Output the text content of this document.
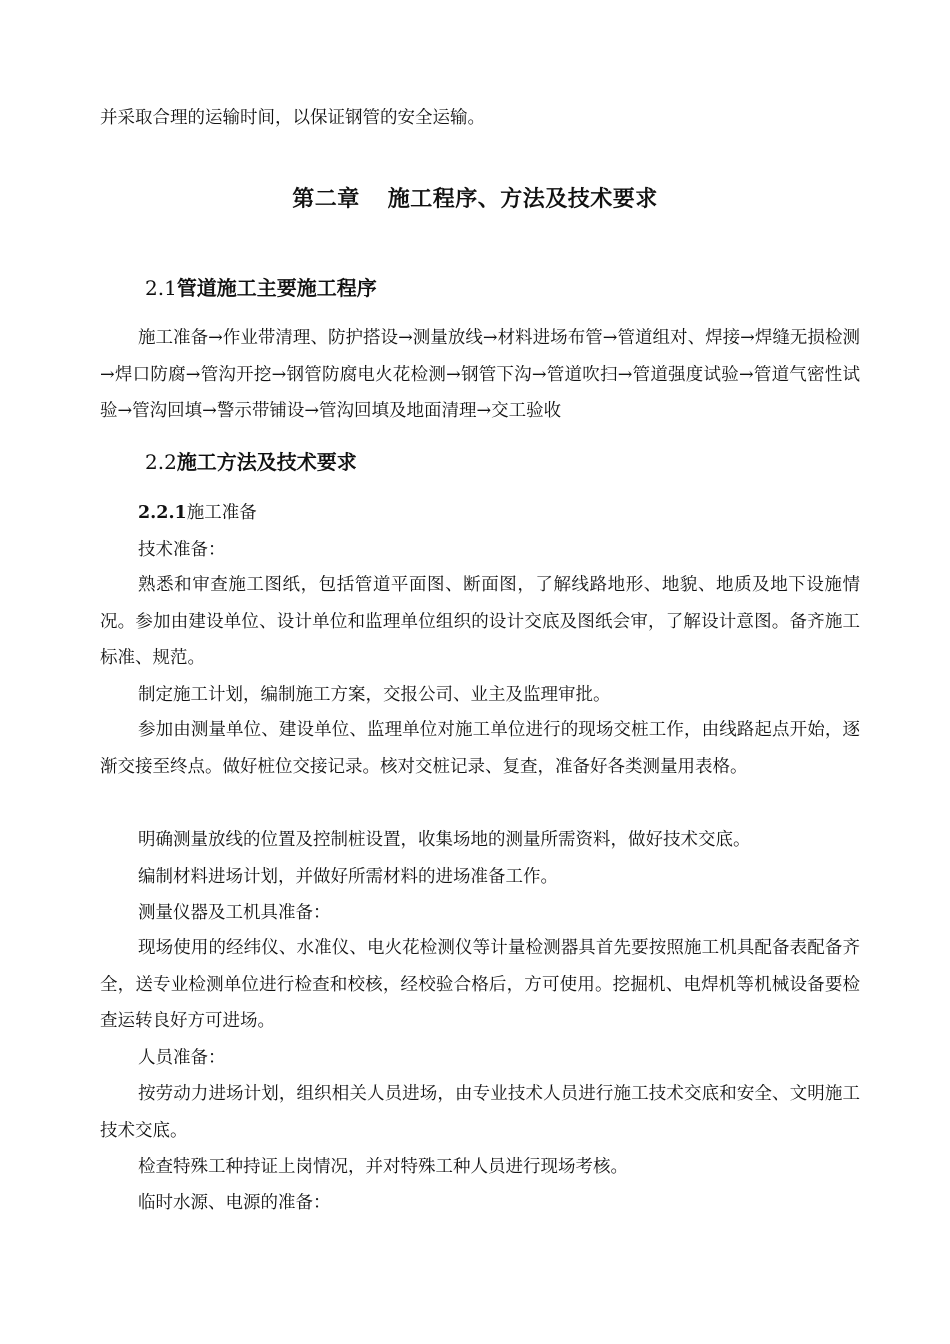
并采取合理的运输时间，以保证钢管的安全运输。

第二章 施工程序、方法及技术要求
2.1管道施工主要施工程序

施工准备→作业带清理、防护搭设→测量放线→材料进场布管→管道组对、焊接→焊缝无损检测→焊口防腐→管沟开挖→钢管防腐电火花检测→钢管下沟→管道吹扫→管道强度试验→管道气密性试验→管沟回填→警示带铺设→管沟回填及地面清理→交工验收

2.2施工方法及技术要求
2.2.1施工准备

技术准备：

熟悉和审查施工图纸，包括管道平面图、断面图，了解线路地形、地貌、地质及地下设施情况。参加由建设单位、设计单位和监理单位组织的设计交底及图纸会审，了解设计意图。备齐施工标准、规范。

制定施工计划，编制施工方案，交报公司、业主及监理审批。

参加由测量单位、建设单位、监理单位对施工单位进行的现场交桩工作，由线路起点开始，逐渐交接至终点。做好桩位交接记录。核对交桩记录、复查，准备好各类测量用表格。

明确测量放线的位置及控制桩设置，收集场地的测量所需资料，做好技术交底。

编制材料进场计划，并做好所需材料的进场准备工作。

测量仪器及工机具准备：

现场使用的经纬仪、水准仪、电火花检测仪等计量检测器具首先要按照施工机具配备表配备齐全，送专业检测单位进行检查和校核，经校验合格后，方可使用。挖掘机、电焊机等机械设备要检查运转良好方可进场。

人员准备：

按劳动力进场计划，组织相关人员进场，由专业技术人员进行施工技术交底和安全、文明施工技术交底。

检查特殊工种持证上岗情况，并对特殊工种人员进行现场考核。

临时水源、电源的准备：
